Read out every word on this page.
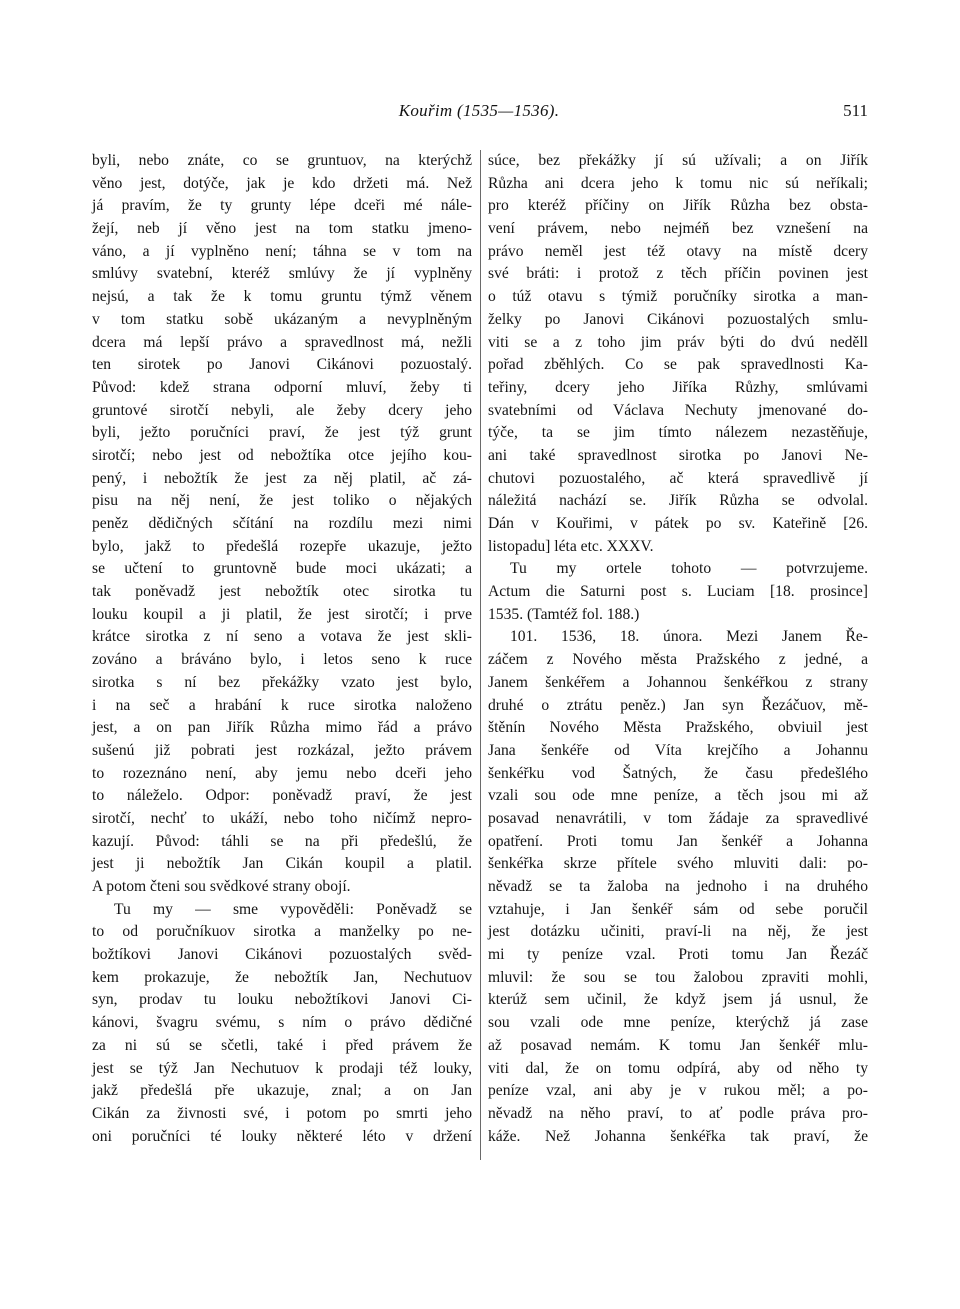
Kouřim (1535—1536).	511
byli, nebo znáte, co se gruntuov, na kterýchž
věno jest, dotýče, jak je kdo držeti má. Než
já pravím, že ty grunty lépe dceři mé nále-
žejí, neb jí věno jest na tom statku jmeno-
váno, a jí vyplněno není; táhna se v tom na
smlúvy svatební, kteréž smlúvy že jí vyplněny
nejsú, a tak že k tomu gruntu týmž věnem
v tom statku sobě ukázaným a nevyplněným
dcera má lepší právo a spravedlnost má, nežli
ten sirotek po Janovi Cikánovi pozuostalý.
Původ: kdež strana odporní mluví, žeby ti
gruntové sirotčí nebyli, ale žeby dcery jeho
byli, ježto poručníci praví, že jest týž grunt
sirotčí; nebo jest od nebožtíka otce jejího kou-
pený, i nebožtík že jest za něj platil, ač zá-
pisu na něj není, že jest toliko o nějakých
peněz dědičných sčítání na rozdílu mezi nimi
bylo, jakž to předešlá rozepře ukazuje, ježto
se učtení to gruntovně bude moci ukázati; a
tak poněvadž jest nebožtík otec sirotka tu
louku koupil a ji platil, že jest sirotčí; i prve
krátce sirotka z ní seno a votava že jest skli-
zováno a bráváno bylo, i letos seno k ruce
sirotka s ní bez překážky vzato jest bylo,
i na seč a hrabání k ruce sirotka naloženo
jest, a on pan Jiřík Růzha mimo řád a právo
sušenú již pobrati jest rozkázal, ježto právem
to rozeznáno není, aby jemu nebo dceři jeho
to náleželo. Odpor: poněvadž praví, že jest
sirotčí, nechť to ukáží, nebo toho ničímž nepro-
kazují. Původ: táhli se na při předešlú, že
jest ji nebožtík Jan Cikán koupil a platil.
A potom čteni sou svědkové strany obojí.
Tu my — sme vypověděli: Poněvadž se
to od poručníkuov sirotka a manželky po ne-
božtíkovi Janovi Cikánovi pozuostalých svěd-
kem prokazuje, že nebožtík Jan, Nechutuov
syn, prodav tu louku nebožtíkovi Janovi Ci-
kánovi, švagru svému, s ním o právo dědičné
za ni sú se sčetli, také i před právem že
jest se týž Jan Nechutuov k prodaji též louky,
jakž předešlá pře ukazuje, znal; a on Jan
Cikán za živnosti své, i potom po smrti jeho
oni poručníci té louky některé léto v držení
súce, bez překážky jí sú užívali; a on Jiřík
Růzha ani dcera jeho k tomu nic sú neříkali;
pro kteréž příčiny on Jiřík Růzha bez obsta-
vení právem, nebo nejméň bez vznešení na
právo neměl jest též otavy na místě dcery
své bráti: i protož z těch příčin povinen jest
o túž otavu s týmiž poručníky sirotka a man-
želky po Janovi Cikánovi pozuostalých smlu-
viti se a z toho jim práv býti do dvú neděll
pořad zběhlých. Co se pak spravedlnosti Ka-
teřiny, dcery jeho Jiříka Růzhy, smlúvami
svatebními od Václava Nechuty jmenované do-
týče, ta se jim tímto nálezem nezastěňuje,
ani také spravedlnost sirotka po Janovi Ne-
chutovi pozuostalého, ač která spravedlivě jí
náležitá nachází se. Jiřík Růzha se odvolal.
Dán v Kouřimi, v pátek po sv. Kateřině [26.
listopadu] léta etc. XXXV.
Tu my ortele tohoto — potvrzujeme.
Actum die Saturni post s. Luciam [18. prosince]
1535. (Tamtéž fol. 188.)
101. 1536, 18. února. Mezi Janem Ře-
záčem z Nového města Pražského z jedné, a
Janem šenkéřem a Johannou šenkéřkou z strany
druhé o ztrátu peněz.) Jan syn Řezáčuov, mě-
štěnín Nového Města Pražského, obviuil jest
Jana šenkéře od Víta krejčího a Johannu
šenkéřku vod Šatných, že času předešlého
vzali sou ode mne peníze, a těch jsou mi až
posavad nenavrátili, v tom žádaje za spravedlivé
opatření. Proti tomu Jan šenkéř a Johanna
šenkéřka skrze přítele svého mluviti dali: po-
něvadž se ta žaloba na jednoho i na druhého
vztahuje, i Jan šenkéř sám od sebe poručil
jest dotázku učiniti, praví-li na něj, že jest
mi ty peníze vzal. Proti tomu Jan Řezáč
mluvil: že sou se tou žalobou zpraviti mohli,
kterúž sem učinil, že když jsem já usnul, že
sou vzali ode mne peníze, kterýchž já zase
až posavad nemám. K tomu Jan šenkéř mlu-
viti dal, že on tomu odpírá, aby od něho ty
peníze vzal, ani aby je v rukou měl; a po-
něvadž na něho praví, to ať podle práva pro-
káže. Než Johanna šenkéřka tak praví, že
